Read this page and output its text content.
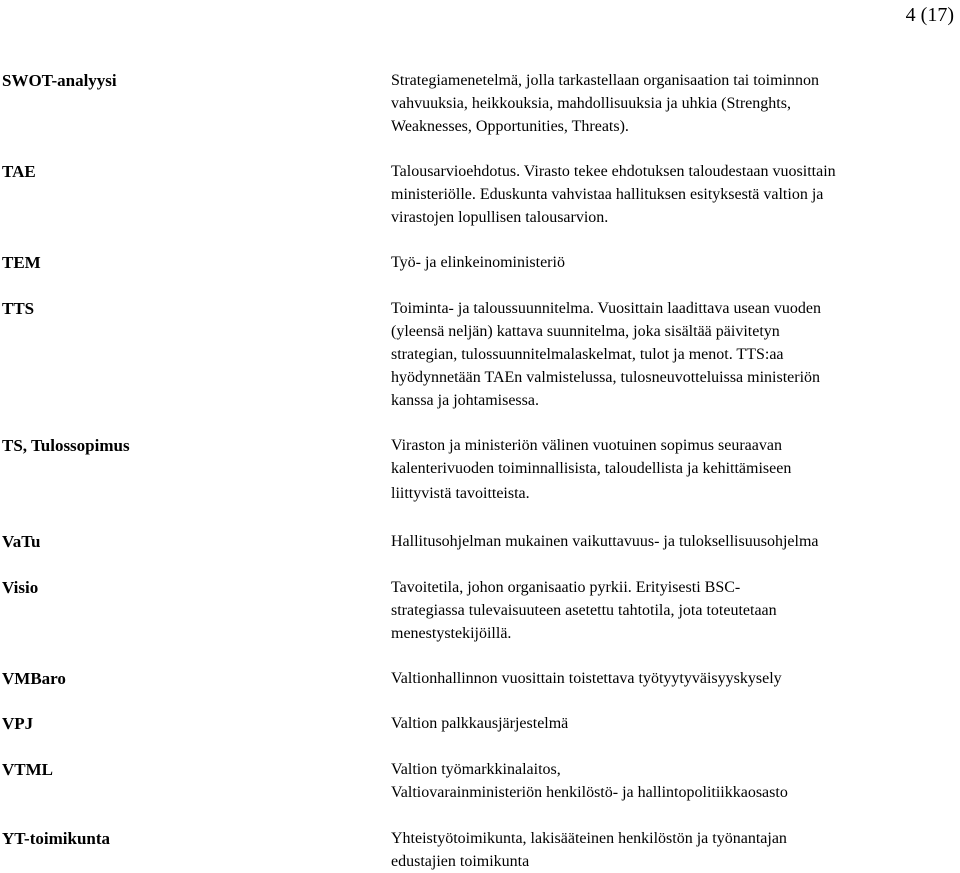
4 (17)
SWOT-analyysi	Strategiamenetelmä, jolla tarkastellaan organisaation tai toiminnon
vahvuuksia, heikkouksia, mahdollisuuksia ja uhkia (Strenghts,
Weaknesses, Opportunities, Threats).
TAE	Talousarvioehdotus. Virasto tekee ehdotuksen taloudestaan vuosittain
ministeriölle. Eduskunta vahvistaa hallituksen esityksestä valtion ja
virastojen lopullisen talousarvion.
TEM	Työ- ja elinkeinoministeriö
TTS	Toiminta- ja taloussuunnitelma. Vuosittain laadittava usean vuoden
(yleensä neljän) kattava suunnitelma, joka sisältää päivitetyn
strategian, tulossuunnitelmalaskelmat, tulot ja menot. TTS:aa
hyödynnetään TAEn valmistelussa, tulosneuvotteluissa ministeriön
kanssa ja johtamisessa.
TS, Tulossopimus	Viraston ja ministeriön välinen vuotuinen sopimus seuraavan
kalenterivuoden toiminnallisista, taloudellista ja kehittämiseen
liittyvistä tavoitteista.
VaTu	Hallitusohjelman mukainen vaikuttavuus- ja tuloksellisuusohjelma
Visio	Tavoitetila, johon organisaatio pyrkii. Erityisesti BSC-
strategiassa tulevaisuuteen asetettu tahtotila, jota toteutetaan
menestystekijöillä.
VMBaro	Valtionhallinnon vuosittain toistettava työtyytyväisyyskysely
VPJ	Valtion palkkausjärjestelmä
VTML	Valtion työmarkkinalaitos,
Valtiovarainministeriön henkilöstö- ja hallintopolitiikkaosasto
YT-toimikunta	Yhteistyötoimikunta, lakisääteinen henkilöstön ja työnantajan
edustajien toimikunta
